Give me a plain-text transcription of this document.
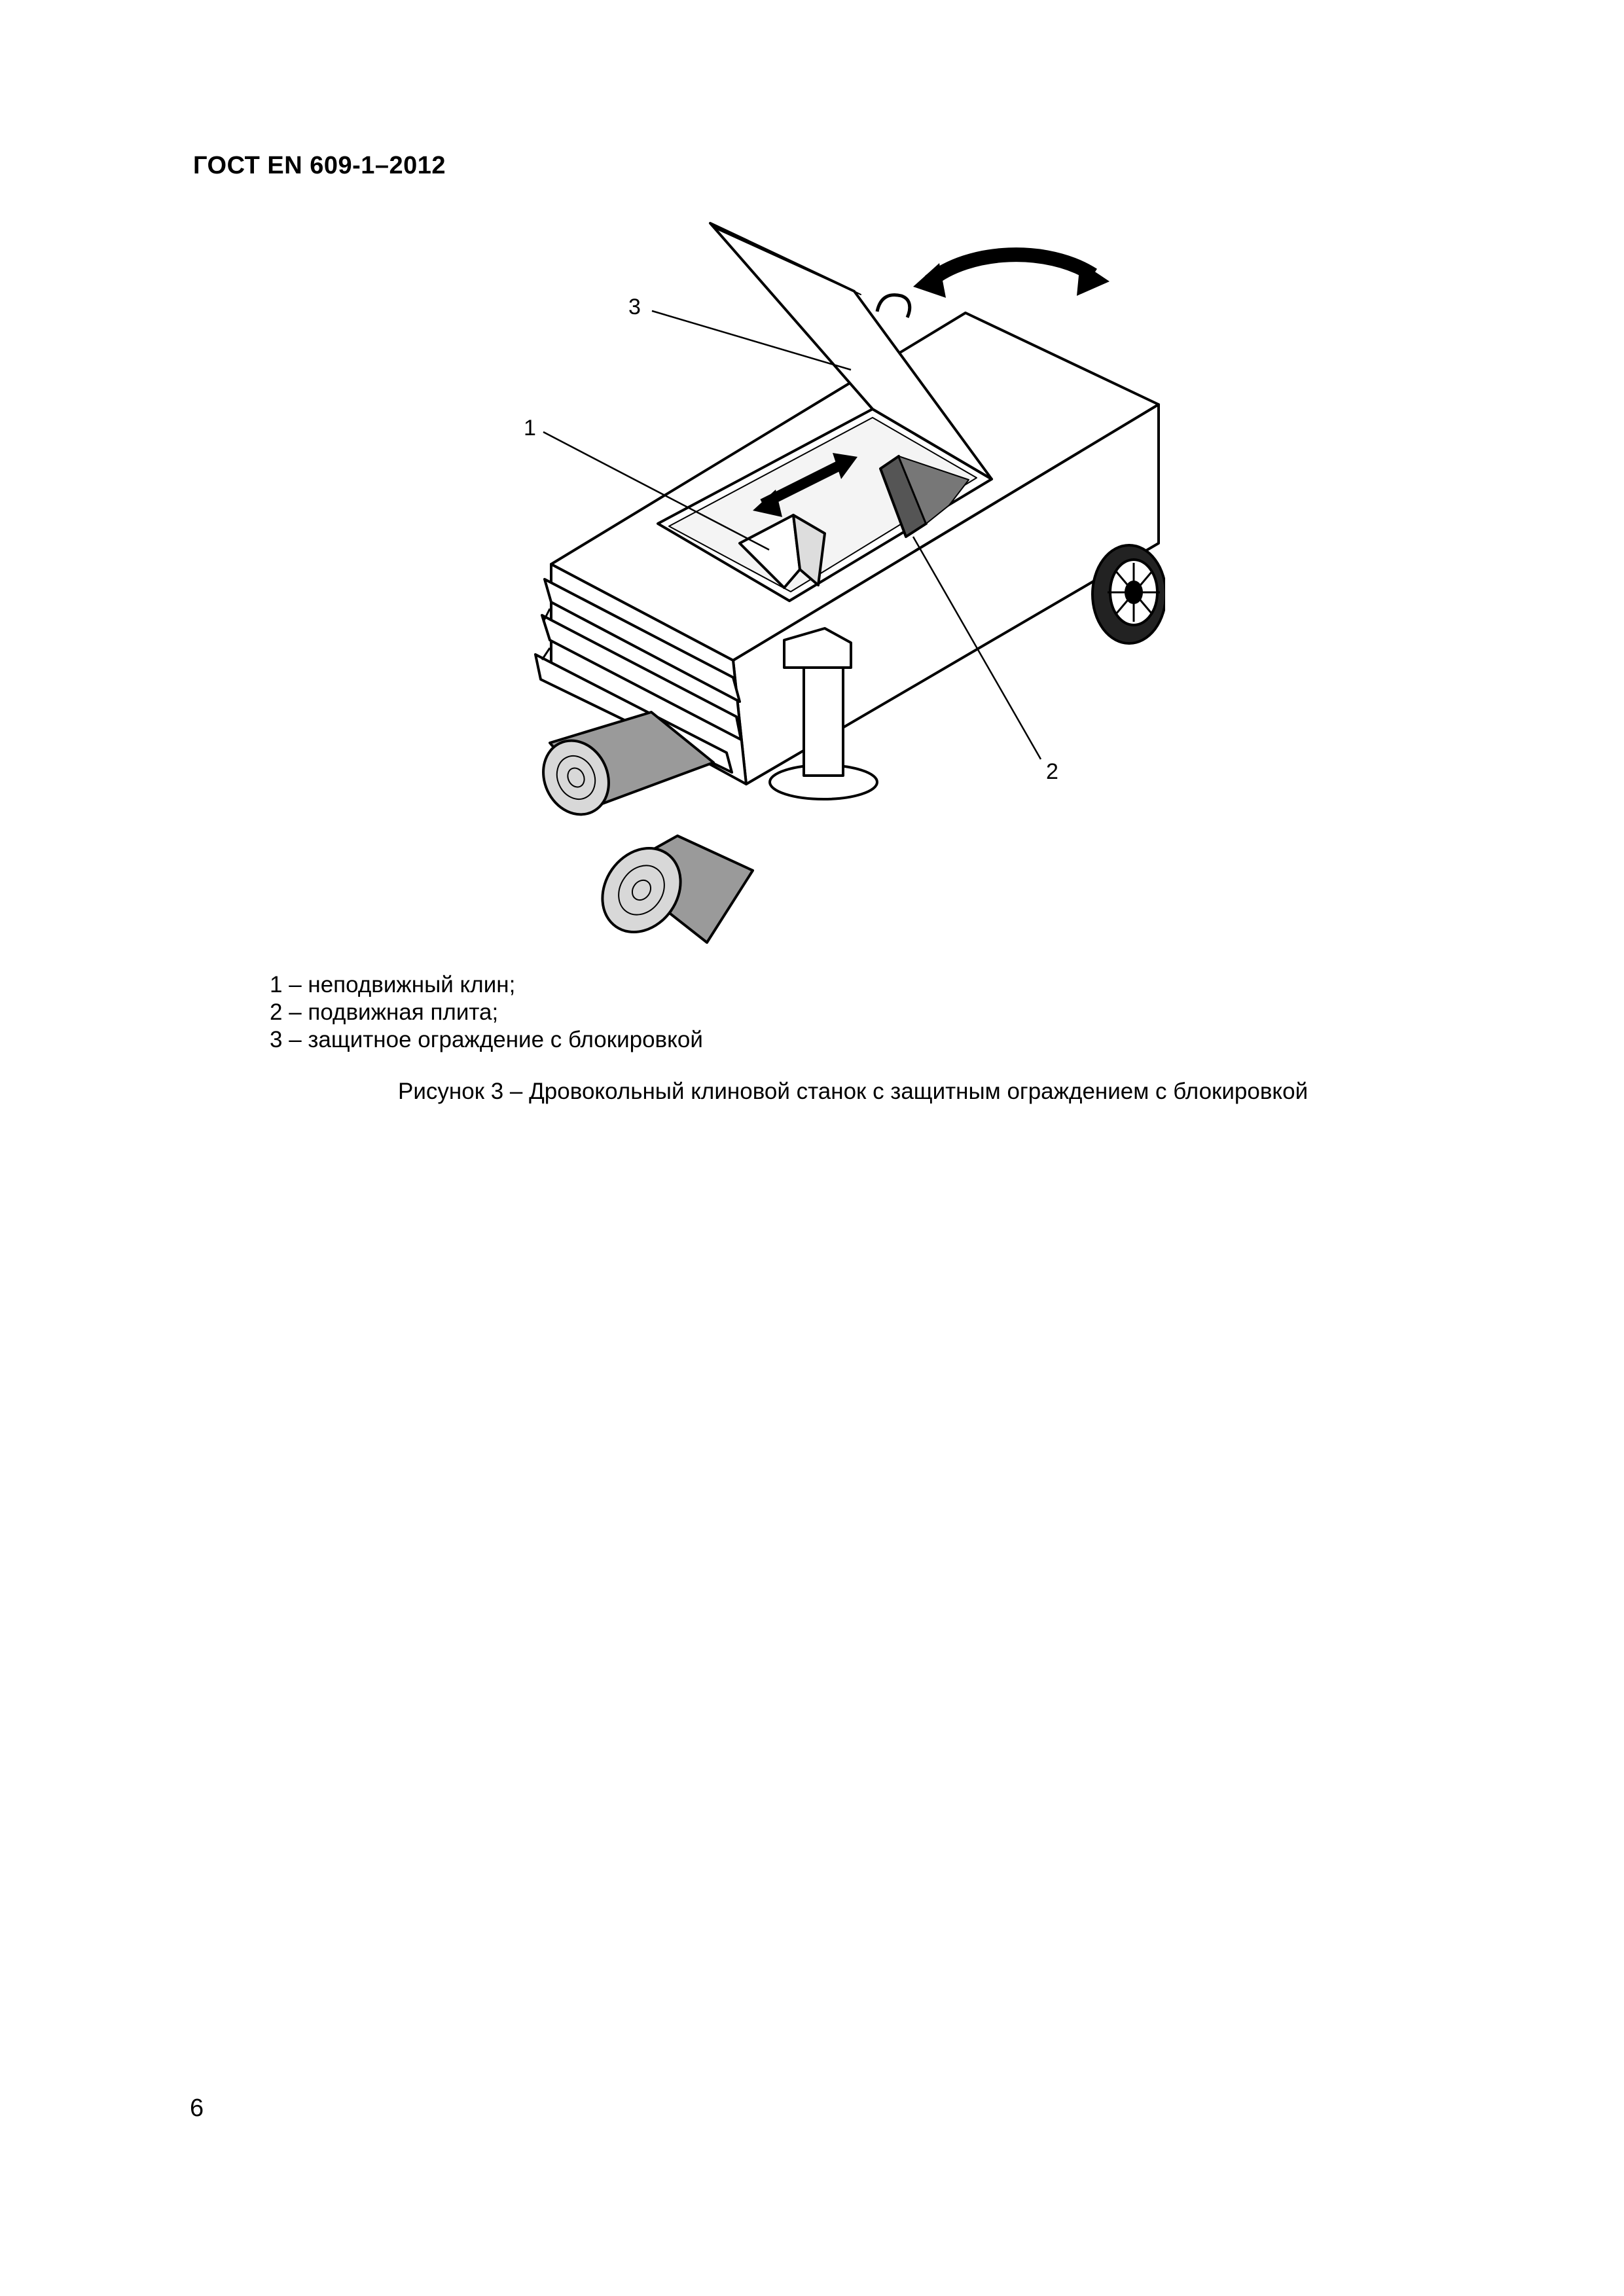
ГОСТ EN 609-1–2012
3
1
2
1 – неподвижный клин;
2 – подвижная плита;
3 – защитное ограждение с блокировкой
Рисунок 3 – Дровокольный клиновой станок с защитным ограждением с блокировкой
6
